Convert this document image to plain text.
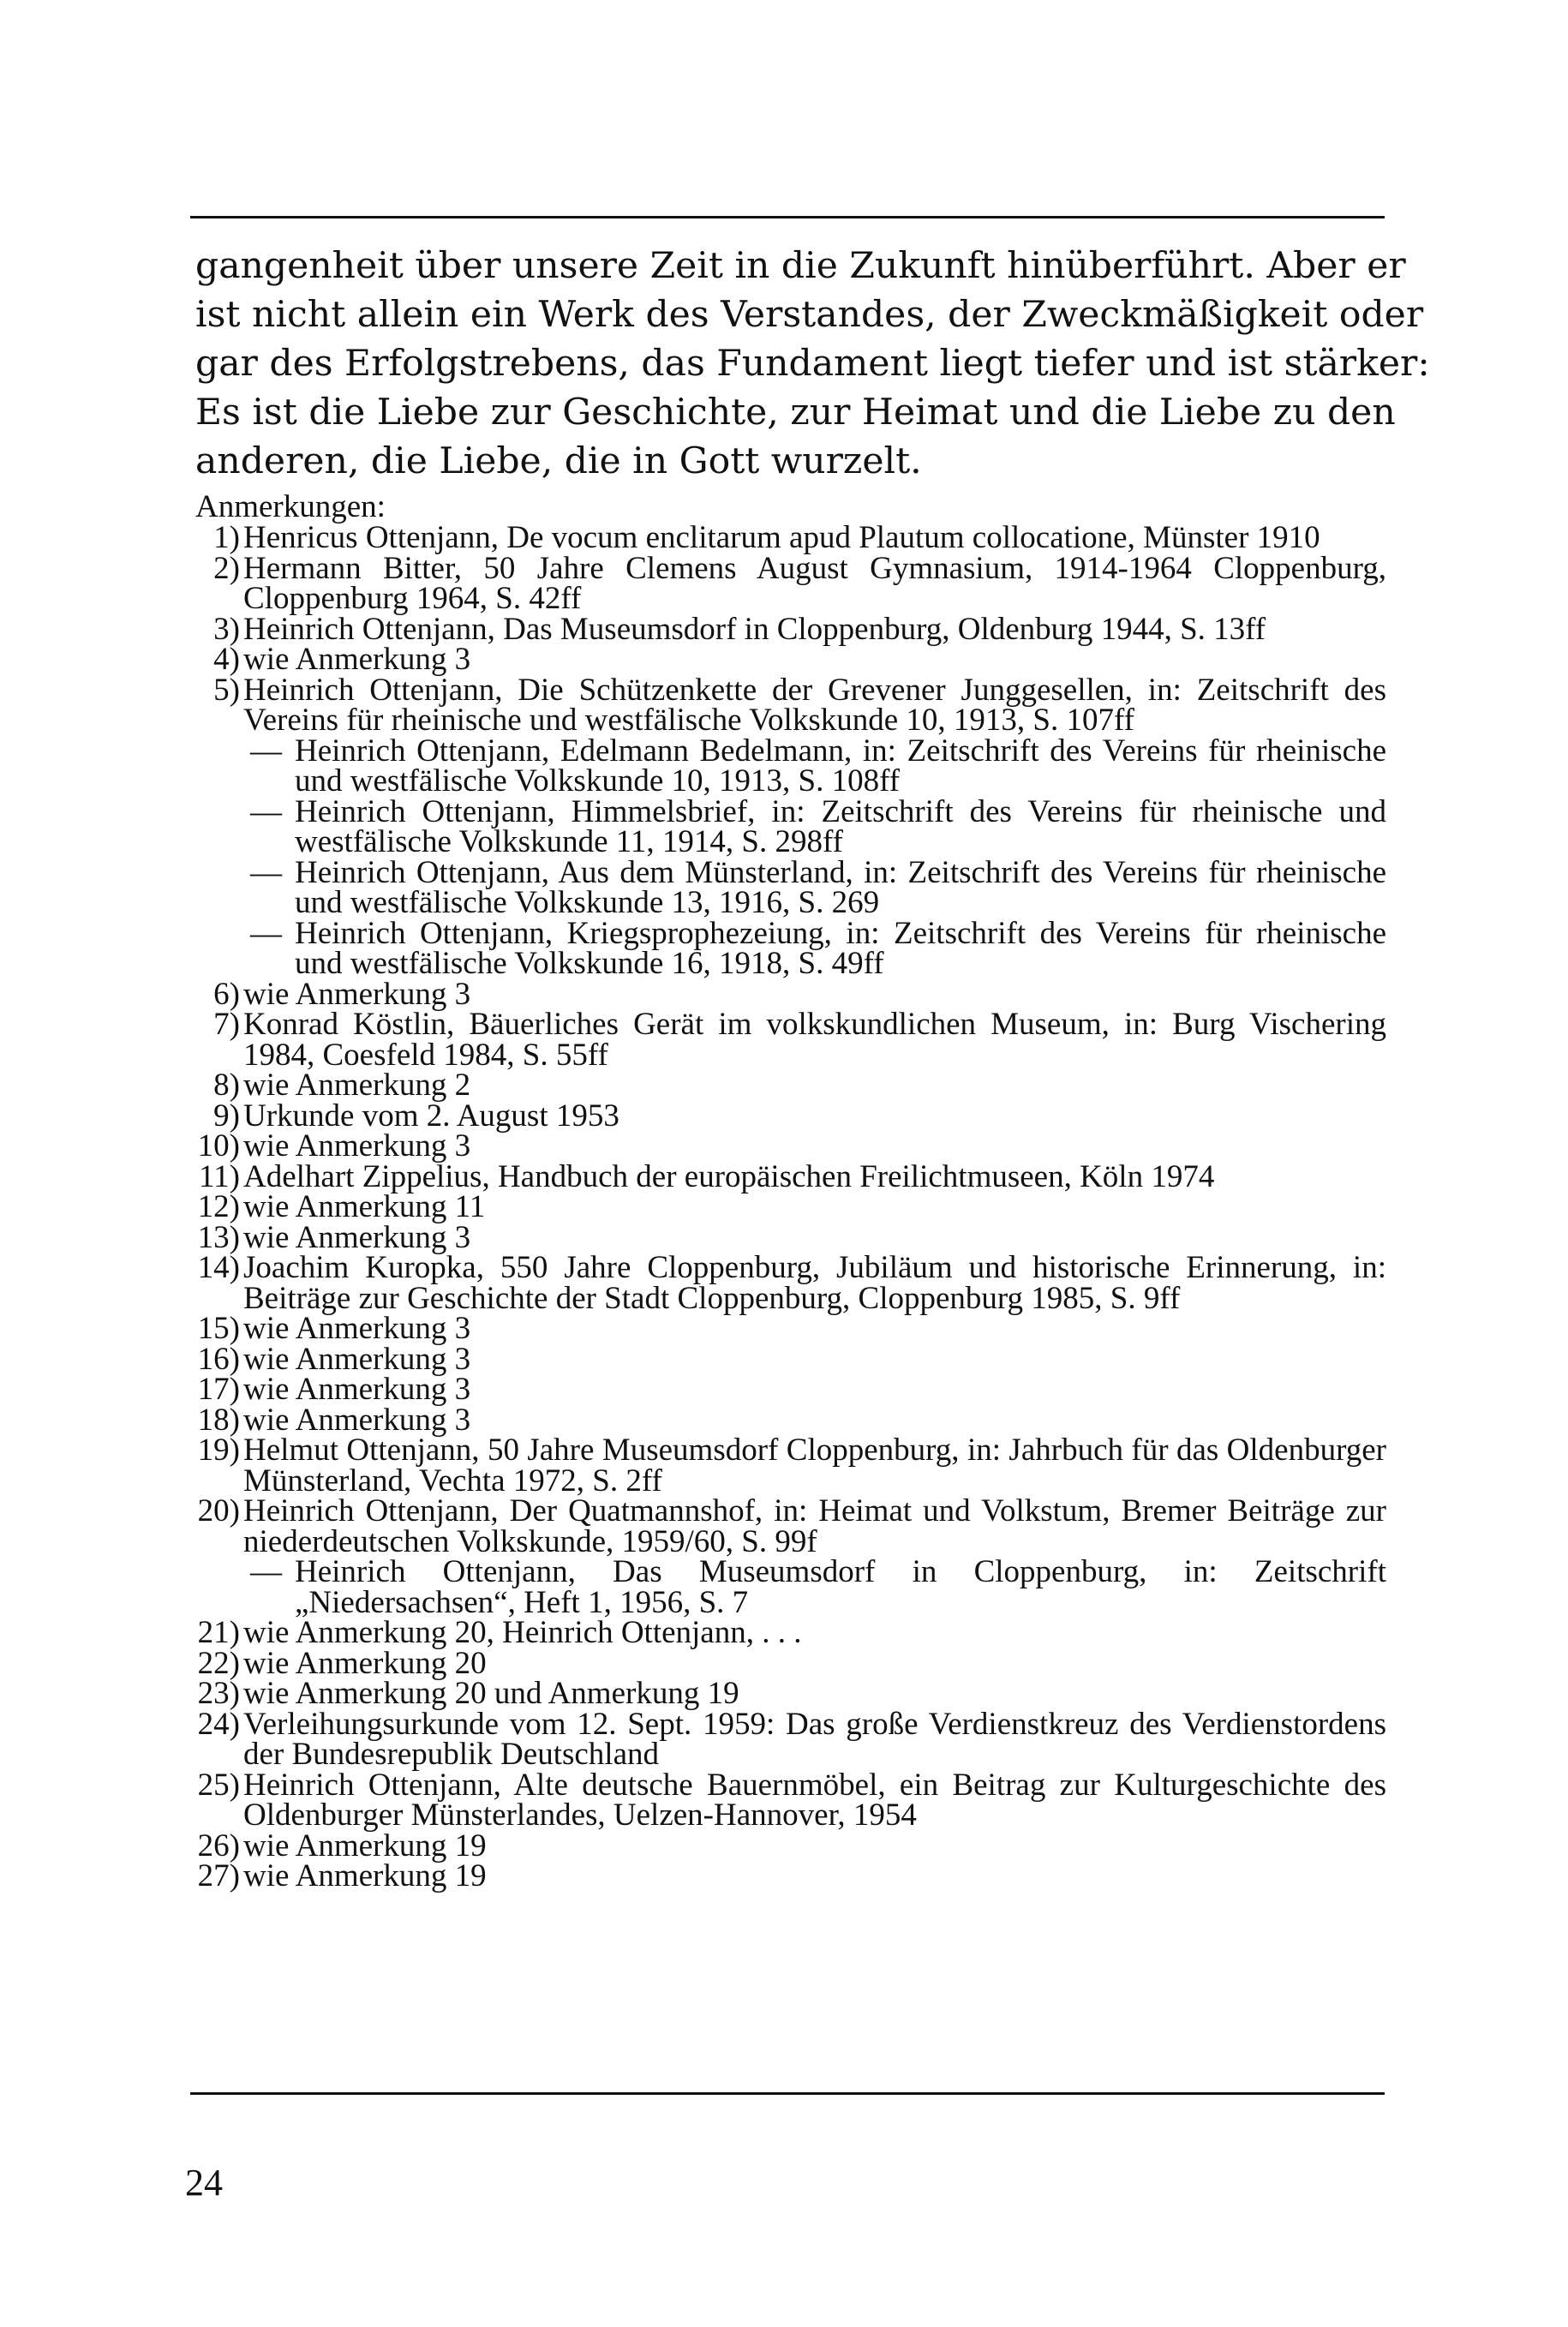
gangenheit über unsere Zeit in die Zukunft hinüberführt. Aber er
ist nicht allein ein Werk des Verstandes, der Zweckmäßigkeit oder
gar des Erfolgstrebens, das Fundament liegt tiefer und ist stärker:
Es ist die Liebe zur Geschichte, zur Heimat und die Liebe zu den
anderen, die Liebe, die in Gott wurzelt.

Anmerkungen:

1) Henricus Ottenjann, De vocum enclitarum apud Plautum collocatione, Münster 1910
2) Hermann Bitter, 50 Jahre Clemens August Gymnasium, 1914-1964 Cloppenburg, Cloppenburg 1964, S. 42ff
3) Heinrich Ottenjann, Das Museumsdorf in Cloppenburg, Oldenburg 1944, S. 13ff
4) wie Anmerkung 3
5) Heinrich Ottenjann, Die Schützenkette der Grevener Junggesellen, in: Zeitschrift des Vereins für rheinische und westfälische Volkskunde 10, 1913, S. 107ff
— Heinrich Ottenjann, Edelmann Bedelmann, in: Zeitschrift des Vereins für rheinische und westfälische Volkskunde 10, 1913, S. 108ff
— Heinrich Ottenjann, Himmelsbrief, in: Zeitschrift des Vereins für rheinische und westfälische Volkskunde 11, 1914, S. 298ff
— Heinrich Ottenjann, Aus dem Münsterland, in: Zeitschrift des Vereins für rheinische und westfälische Volkskunde 13, 1916, S. 269
— Heinrich Ottenjann, Kriegsprophezeiung, in: Zeitschrift des Vereins für rheinische und westfälische Volkskunde 16, 1918, S. 49ff
6) wie Anmerkung 3
7) Konrad Köstlin, Bäuerliches Gerät im volkskundlichen Museum, in: Burg Vischering 1984, Coesfeld 1984, S. 55ff
8) wie Anmerkung 2
9) Urkunde vom 2. August 1953
10) wie Anmerkung 3
11) Adelhart Zippelius, Handbuch der europäischen Freilichtmuseen, Köln 1974
12) wie Anmerkung 11
13) wie Anmerkung 3
14) Joachim Kuropka, 550 Jahre Cloppenburg, Jubiläum und historische Erinnerung, in: Beiträge zur Geschichte der Stadt Cloppenburg, Cloppenburg 1985, S. 9ff
15) wie Anmerkung 3
16) wie Anmerkung 3
17) wie Anmerkung 3
18) wie Anmerkung 3
19) Helmut Ottenjann, 50 Jahre Museumsdorf Cloppenburg, in: Jahrbuch für das Oldenburger Münsterland, Vechta 1972, S. 2ff
20) Heinrich Ottenjann, Der Quatmannshof, in: Heimat und Volkstum, Bremer Beiträge zur niederdeutschen Volkskunde, 1959/60, S. 99f
— Heinrich Ottenjann, Das Museumsdorf in Cloppenburg, in: Zeitschrift „Niedersachsen“, Heft 1, 1956, S. 7
21) wie Anmerkung 20, Heinrich Ottenjann, . . .
22) wie Anmerkung 20
23) wie Anmerkung 20 und Anmerkung 19
24) Verleihungsurkunde vom 12. Sept. 1959: Das große Verdienstkreuz des Verdienstordens der Bundesrepublik Deutschland
25) Heinrich Ottenjann, Alte deutsche Bauernmöbel, ein Beitrag zur Kulturgeschichte des Oldenburger Münsterlandes, Uelzen-Hannover, 1954
26) wie Anmerkung 19
27) wie Anmerkung 19
24
